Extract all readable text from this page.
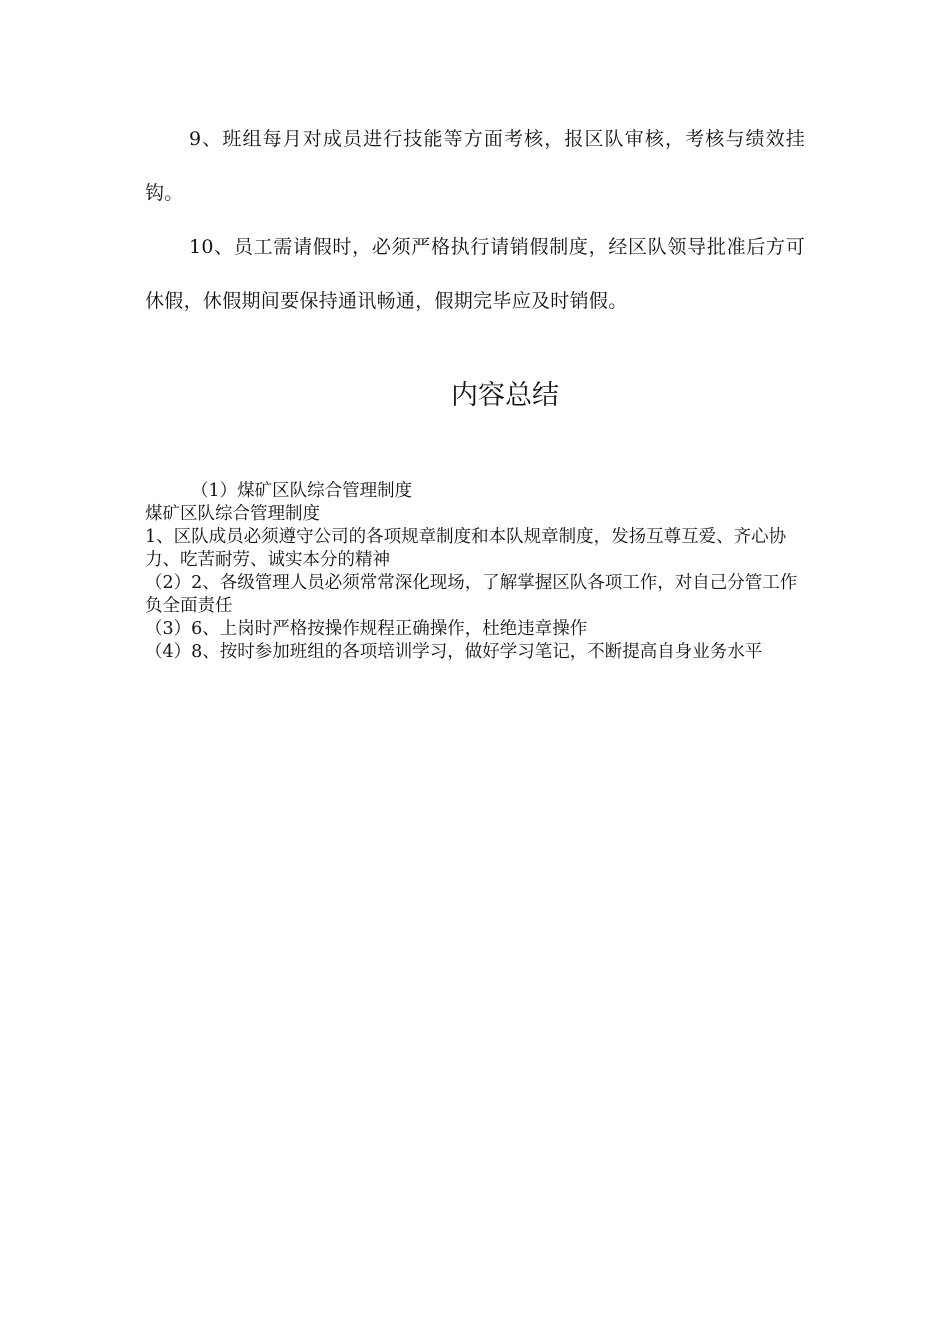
9、班组每月对成员进行技能等方面考核，报区队审核，考核与绩效挂钩。

10、员工需请假时，必须严格执行请销假制度，经区队领导批准后方可休假，休假期间要保持通讯畅通，假期完毕应及时销假。

内容总结

（1）煤矿区队综合管理制度

煤矿区队综合管理制度

1、区队成员必须遵守公司的各项规章制度和本队规章制度，发扬互尊互爱、齐心协力、吃苦耐劳、诚实本分的精神

（2）2、各级管理人员必须常常深化现场，了解掌握区队各项工作，对自己分管工作负全面责任

（3）6、上岗时严格按操作规程正确操作，杜绝违章操作

（4）8、按时参加班组的各项培训学习，做好学习笔记，不断提高自身业务水平
